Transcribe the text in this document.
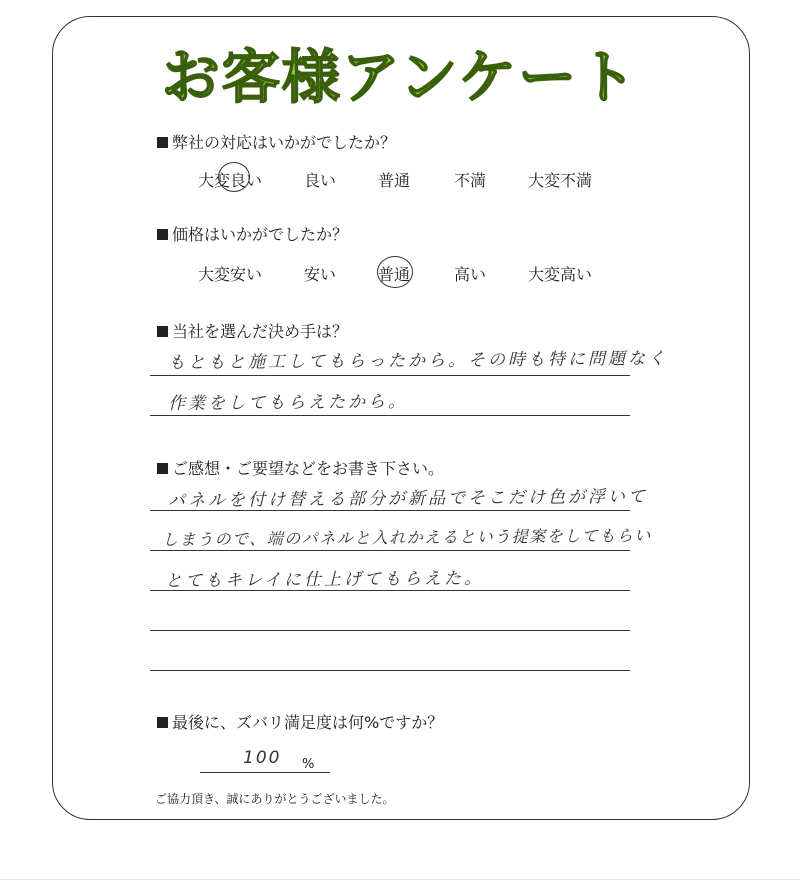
お客様アンケート
弊社の対応はいかがでしたか？
大変良い	良い	普通	不満	大変不満
価格はいかがでしたか？
大変安い	安い	普通	高い	大変高い
当社を選んだ決め手は？
もともと施工してもらったから。その時も特に問題なく
作業をしてもらえたから。
ご感想・ご要望などをお書き下さい。
パネルを付け替える部分が新品でそこだけ色が浮いて
しまうので、端のパネルと入れかえるという提案をしてもらい
とてもキレイに仕上げてもらえた。
最後に、ズバリ満足度は何%ですか？
100 %
ご協力頂き、誠にありがとうございました。
